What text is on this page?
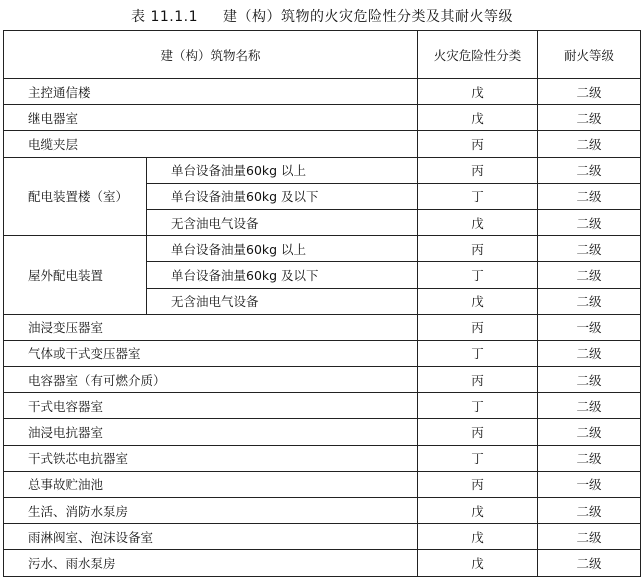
表 11.1.1 建（构）筑物的火灾危险性分类及其耐火等级
建（构）筑物名称		火灾危险性分类	耐火等级
主控通信楼		戊	二级
继电器室		戊	二级
电缆夹层		丙	二级
配电装置楼（室）	单台设备油量60kg 以上	丙	二级
	单台设备油量60kg 及以下	丁	二级
	无含油电气设备	戊	二级
屋外配电装置	单台设备油量60kg 以上	丙	二级
	单台设备油量60kg 及以下	丁	二级
	无含油电气设备	戊	二级
油浸变压器室		丙	一级
气体或干式变压器室		丁	二级
电容器室（有可燃介质）		丙	二级
干式电容器室		丁	二级
油浸电抗器室		丙	二级
干式铁芯电抗器室		丁	二级
总事故贮油池		丙	一级
生活、消防水泵房		戊	二级
雨淋阀室、泡沫设备室		戊	二级
污水、雨水泵房		戊	二级
